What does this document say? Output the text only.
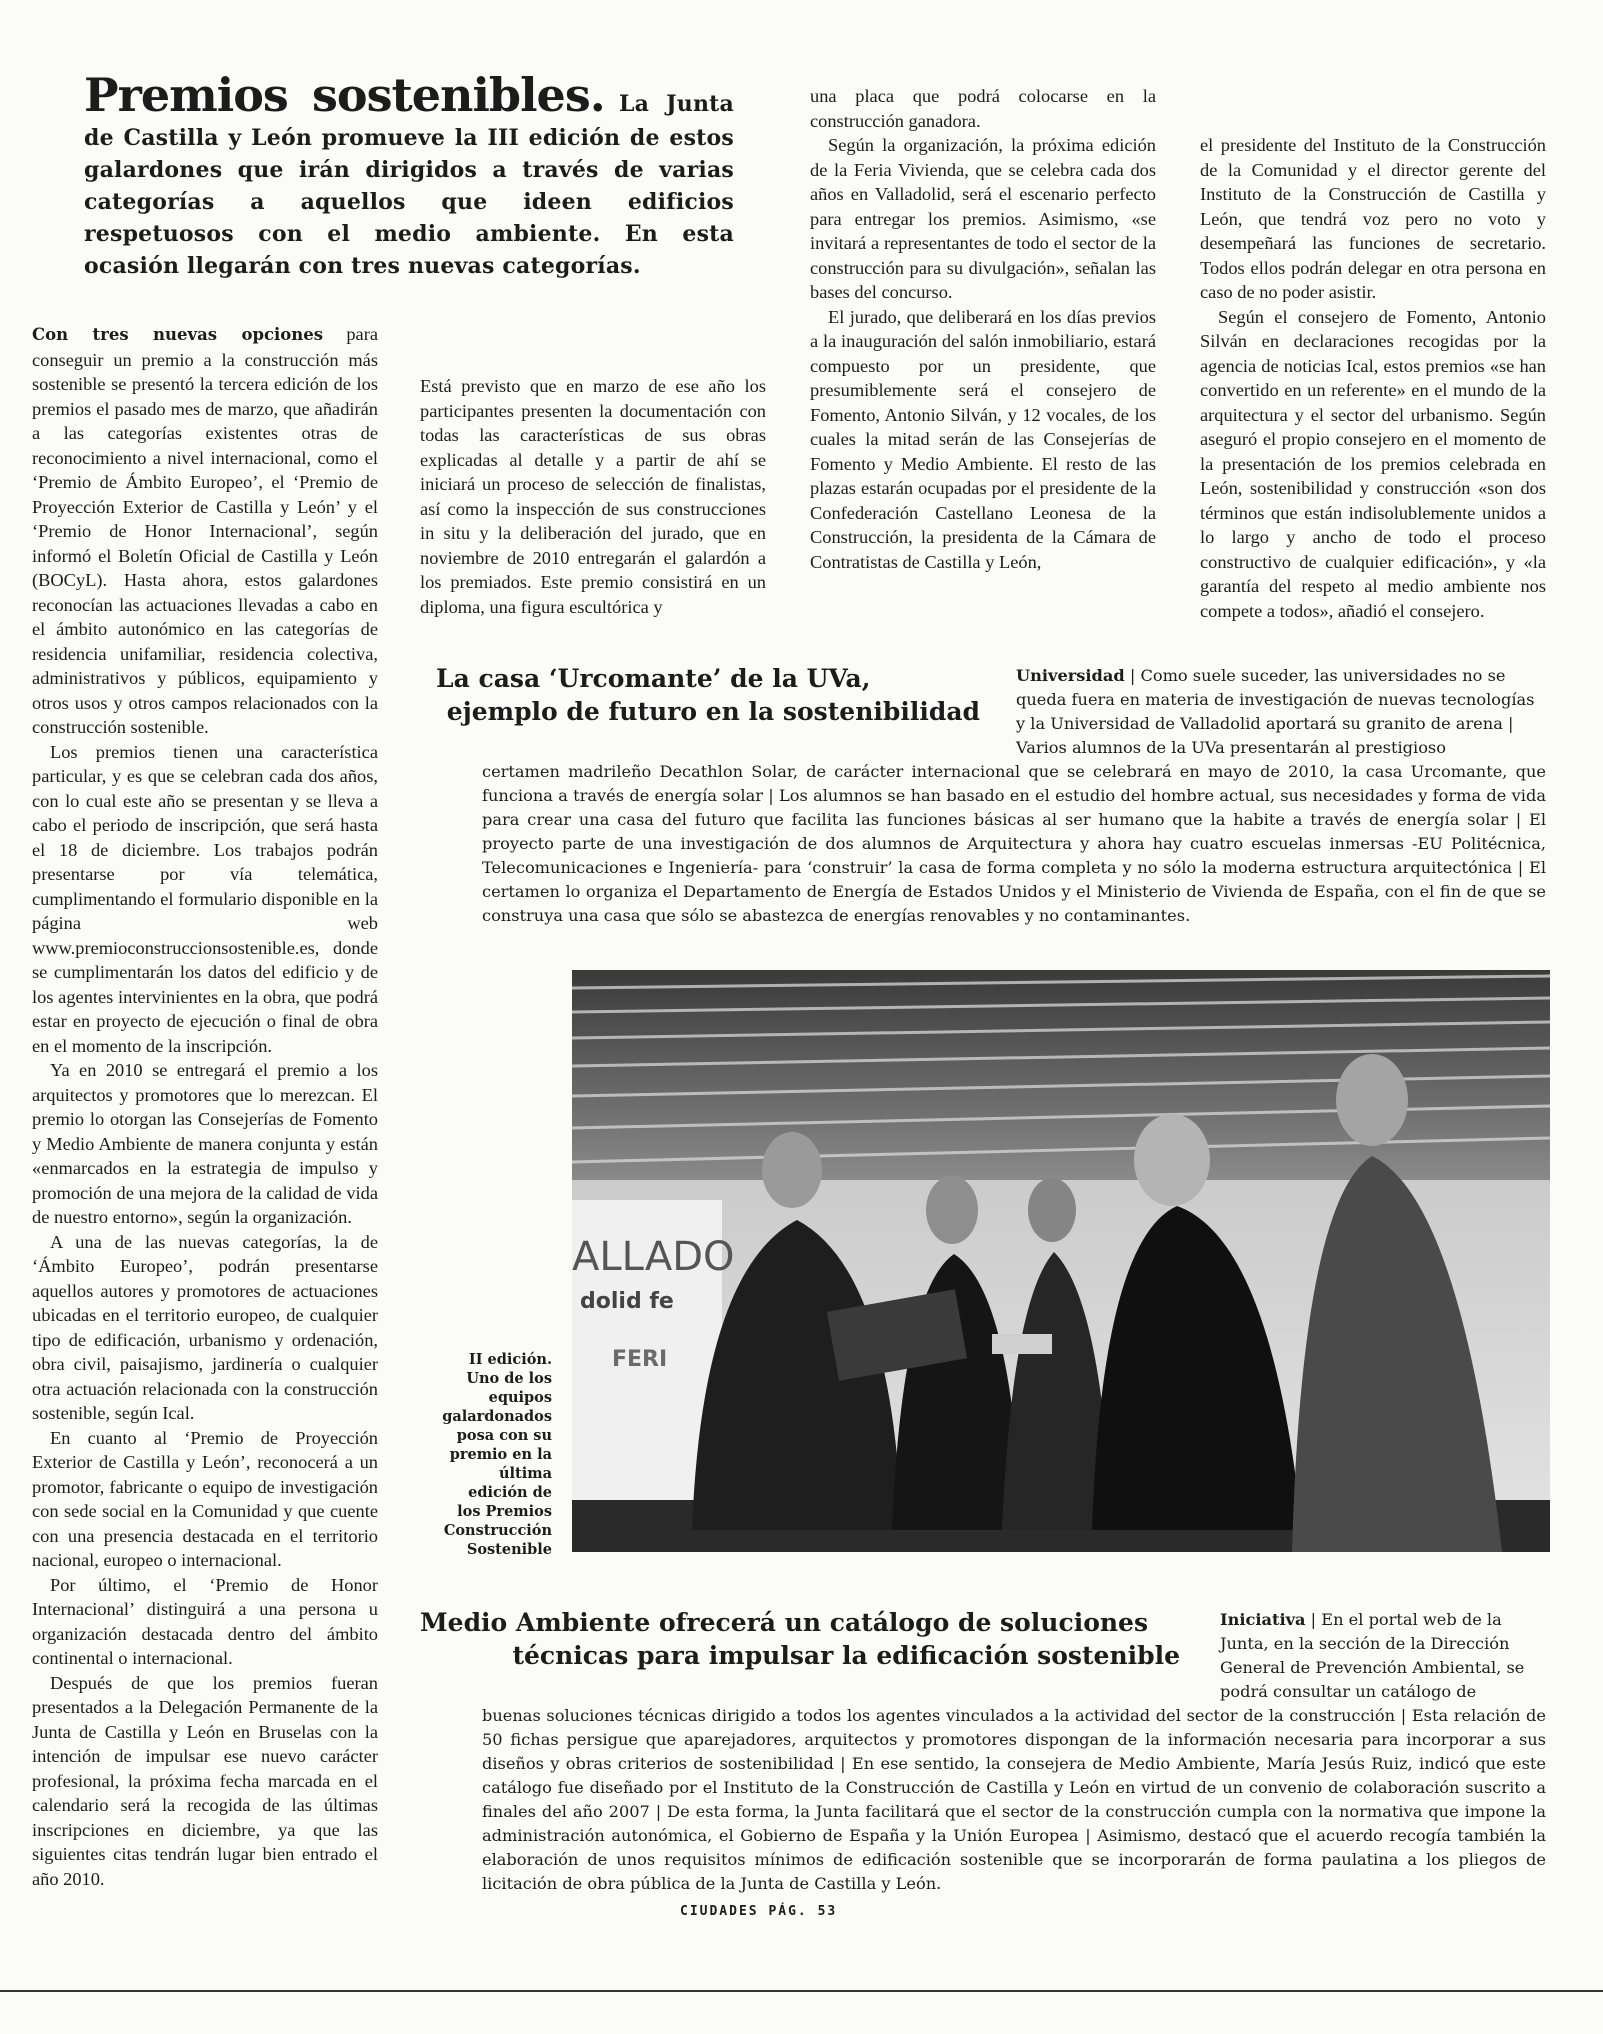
Premios sostenibles. La Junta de Castilla y León promueve la III edición de estos galardones que irán dirigidos a través de varias categorías a aquellos que ideen edificios respetuosos con el medio ambiente. En esta ocasión llegarán con tres nuevas categorías.

Con tres nuevas opciones para conseguir un premio a la construcción más sostenible se presentó la tercera edición de los premios el pasado mes de marzo, que añadirán a las categorías existentes otras de reconocimiento a nivel internacional, como el ‘Premio de Ámbito Europeo’, el ‘Premio de Proyección Exterior de Castilla y León’ y el ‘Premio de Honor Internacional’, según informó el Boletín Oficial de Castilla y León (BOCyL). Hasta ahora, estos galardones reconocían las actuaciones llevadas a cabo en el ámbito autonómico en las categorías de residencia unifamiliar, residencia colectiva, administrativos y públicos, equipamiento y otros usos y otros campos relacionados con la construcción sostenible.

Los premios tienen una característica particular, y es que se celebran cada dos años, con lo cual este año se presentan y se lleva a cabo el periodo de inscripción, que será hasta el 18 de diciembre. Los trabajos podrán presentarse por vía telemática, cumplimentando el formulario disponible en la página web www.premioconstruccionsostenible.es, donde se cumplimentarán los datos del edificio y de los agentes intervinientes en la obra, que podrá estar en proyecto de ejecución o final de obra en el momento de la inscripción.

Ya en 2010 se entregará el premio a los arquitectos y promotores que lo merezcan. El premio lo otorgan las Consejerías de Fomento y Medio Ambiente de manera conjunta y están «enmarcados en la estrategia de impulso y promoción de una mejora de la calidad de vida de nuestro entorno», según la organización.

A una de las nuevas categorías, la de ‘Ámbito Europeo’, podrán presentarse aquellos autores y promotores de actuaciones ubicadas en el territorio europeo, de cualquier tipo de edificación, urbanismo y ordenación, obra civil, paisajismo, jardinería o cualquier otra actuación relacionada con la construcción sostenible, según Ical.

En cuanto al ‘Premio de Proyección Exterior de Castilla y León’, reconocerá a un promotor, fabricante o equipo de investigación con sede social en la Comunidad y que cuente con una presencia destacada en el territorio nacional, europeo o internacional.

Por último, el ‘Premio de Honor Internacional’ distinguirá a una persona u organización destacada dentro del ámbito continental o internacional.

Después de que los premios fueran presentados a la Delegación Permanente de la Junta de Castilla y León en Bruselas con la intención de impulsar ese nuevo carácter profesional, la próxima fecha marcada en el calendario será la recogida de las últimas inscripciones en diciembre, ya que las siguientes citas tendrán lugar bien entrado el año 2010.

Está previsto que en marzo de ese año los participantes presenten la documentación con todas las características de sus obras explicadas al detalle y a partir de ahí se iniciará un proceso de selección de finalistas, así como la inspección de sus construcciones in situ y la deliberación del jurado, que en noviembre de 2010 entregarán el galardón a los premiados. Este premio consistirá en un diploma, una figura escultórica y

una placa que podrá colocarse en la construcción ganadora.

Según la organización, la próxima edición de la Feria Vivienda, que se celebra cada dos años en Valladolid, será el escenario perfecto para entregar los premios. Asimismo, «se invitará a representantes de todo el sector de la construcción para su divulgación», señalan las bases del concurso.

El jurado, que deliberará en los días previos a la inauguración del salón inmobiliario, estará compuesto por un presidente, que presumiblemente será el consejero de Fomento, Antonio Silván, y 12 vocales, de los cuales la mitad serán de las Consejerías de Fomento y Medio Ambiente. El resto de las plazas estarán ocupadas por el presidente de la Confederación Castellano Leonesa de la Construcción, la presidenta de la Cámara de Contratistas de Castilla y León,

el presidente del Instituto de la Construcción de la Comunidad y el director gerente del Instituto de la Construcción de Castilla y León, que tendrá voz pero no voto y desempeñará las funciones de secretario. Todos ellos podrán delegar en otra persona en caso de no poder asistir.

Según el consejero de Fomento, Antonio Silván en declaraciones recogidas por la agencia de noticias Ical, estos premios «se han convertido en un referente» en el mundo de la arquitectura y el sector del urbanismo. Según aseguró el propio consejero en el momento de la presentación de los premios celebrada en León, sostenibilidad y construcción «son dos términos que están indisolublemente unidos a lo largo y ancho de todo el proceso constructivo de cualquier edificación», y «la garantía del respeto al medio ambiente nos compete a todos», añadió el consejero.

La casa ‘Urcomante’ de la UVa,
ejemplo de futuro en la sostenibilidad
Universidad | Como suele suceder, las universidades no se queda fuera en materia de investigación de nuevas tecnologías y la Universidad de Valladolid aportará su granito de arena | Varios alumnos de la UVa presentarán al prestigioso
certamen madrileño Decathlon Solar, de carácter internacional que se celebrará en mayo de 2010, la casa Urcomante, que funciona a través de energía solar | Los alumnos se han basado en el estudio del hombre actual, sus necesidades y forma de vida para crear una casa del futuro que facilita las funciones básicas al ser humano que la habite a través de energía solar | El proyecto parte de una investigación de dos alumnos de Arquitectura y ahora hay cuatro escuelas inmersas -EU Politécnica, Telecomunicaciones e Ingeniería- para ‘construir’ la casa de forma completa y no sólo la moderna estructura arquitectónica | El certamen lo organiza el Departamento de Energía de Estados Unidos y el Ministerio de Vivienda de España, con el fin de que se construya una casa que sólo se abastezca de energías renovables y no contaminantes.
ALLADO
dolid fe
FERI
II edición. Uno de los equipos galardonados posa con su premio en la última edición de los Premios Construcción Sostenible
Medio Ambiente ofrecerá un catálogo de soluciones
técnicas para impulsar la edificación sostenible
Iniciativa | En el portal web de la Junta, en la sección de la Dirección General de Prevención Ambiental, se podrá consultar un catálogo de
buenas soluciones técnicas dirigido a todos los agentes vinculados a la actividad del sector de la construcción | Esta relación de 50 fichas persigue que aparejadores, arquitectos y promotores dispongan de la información necesaria para incorporar a sus diseños y obras criterios de sostenibilidad | En ese sentido, la consejera de Medio Ambiente, María Jesús Ruiz, indicó que este catálogo fue diseñado por el Instituto de la Construcción de Castilla y León en virtud de un convenio de colaboración suscrito a finales del año 2007 | De esta forma, la Junta facilitará que el sector de la construcción cumpla con la normativa que impone la administración autonómica, el Gobierno de España y la Unión Europea | Asimismo, destacó que el acuerdo recogía también la elaboración de unos requisitos mínimos de edificación sostenible que se incorporarán de forma paulatina a los pliegos de licitación de obra pública de la Junta de Castilla y León.
CIUDADES PÁG. 53
